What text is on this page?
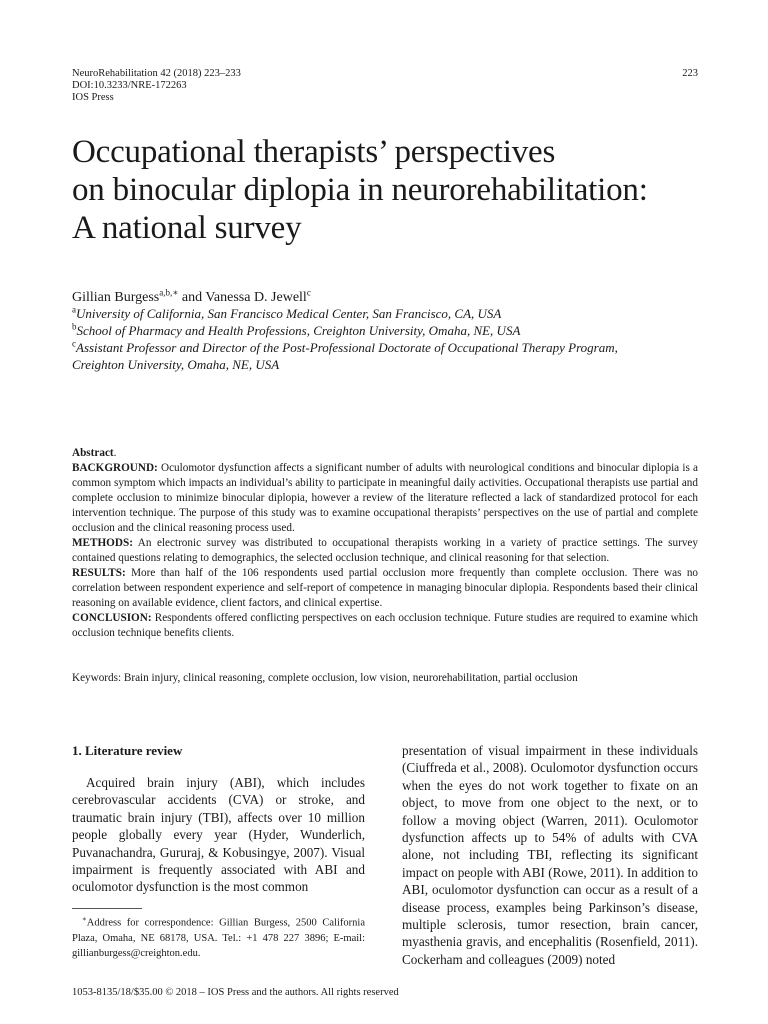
NeuroRehabilitation 42 (2018) 223–233
DOI:10.3233/NRE-172263
IOS Press
223
Occupational therapists’ perspectives
on binocular diplopia in neurorehabilitation:
A national survey
Gillian Burgess$^{a,b,∗}$ and Vanessa D. Jewell$^c$
$^a$University of California, San Francisco Medical Center, San Francisco, CA, USA
$^b$School of Pharmacy and Health Professions, Creighton University, Omaha, NE, USA
$^c$Assistant Professor and Director of the Post-Professional Doctorate of Occupational Therapy Program,
Creighton University, Omaha, NE, USA

Abstract.

BACKGROUND: Oculomotor dysfunction affects a significant number of adults with neurological conditions and binocular diplopia is a common symptom which impacts an individual’s ability to participate in meaningful daily activities. Occupational therapists use partial and complete occlusion to minimize binocular diplopia, however a review of the literature reflected a lack of standardized protocol for each intervention technique. The purpose of this study was to examine occupational therapists’ perspectives on the use of partial and complete occlusion and the clinical reasoning process used.

METHODS: An electronic survey was distributed to occupational therapists working in a variety of practice settings. The survey contained questions relating to demographics, the selected occlusion technique, and clinical reasoning for that selection.

RESULTS: More than half of the 106 respondents used partial occlusion more frequently than complete occlusion. There was no correlation between respondent experience and self-report of competence in managing binocular diplopia. Respondents based their clinical reasoning on available evidence, client factors, and clinical expertise.

CONCLUSION: Respondents offered conflicting perspectives on each occlusion technique. Future studies are required to examine which occlusion technique benefits clients.

Keywords: Brain injury, clinical reasoning, complete occlusion, low vision, neurorehabilitation, partial occlusion
1. Literature review

Acquired brain injury (ABI), which includes cerebrovascular accidents (CVA) or stroke, and traumatic brain injury (TBI), affects over 10 million people globally every year (Hyder, Wunderlich, Puvanachandra, Gururaj, & Kobusingye, 2007). Visual impairment is frequently associated with ABI and oculomotor dysfunction is the most common

presentation of visual impairment in these individuals (Ciuffreda et al., 2008). Oculomotor dysfunction occurs when the eyes do not work together to fixate on an object, to move from one object to the next, or to follow a moving object (Warren, 2011). Oculomotor dysfunction affects up to 54% of adults with CVA alone, not including TBI, reflecting its significant impact on people with ABI (Rowe, 2011). In addition to ABI, oculomotor dysfunction can occur as a result of a disease process, examples being Parkinson’s disease, multiple sclerosis, tumor resection, brain cancer, myasthenia gravis, and encephalitis (Rosenfield, 2011). Cockerham and colleagues (2009) noted

∗Address for correspondence: Gillian Burgess, 2500 California Plaza, Omaha, NE 68178, USA. Tel.: +1 478 227 3896; E-mail: gillianburgess@creighton.edu.
1053-8135/18/$35.00 © 2018 – IOS Press and the authors. All rights reserved
